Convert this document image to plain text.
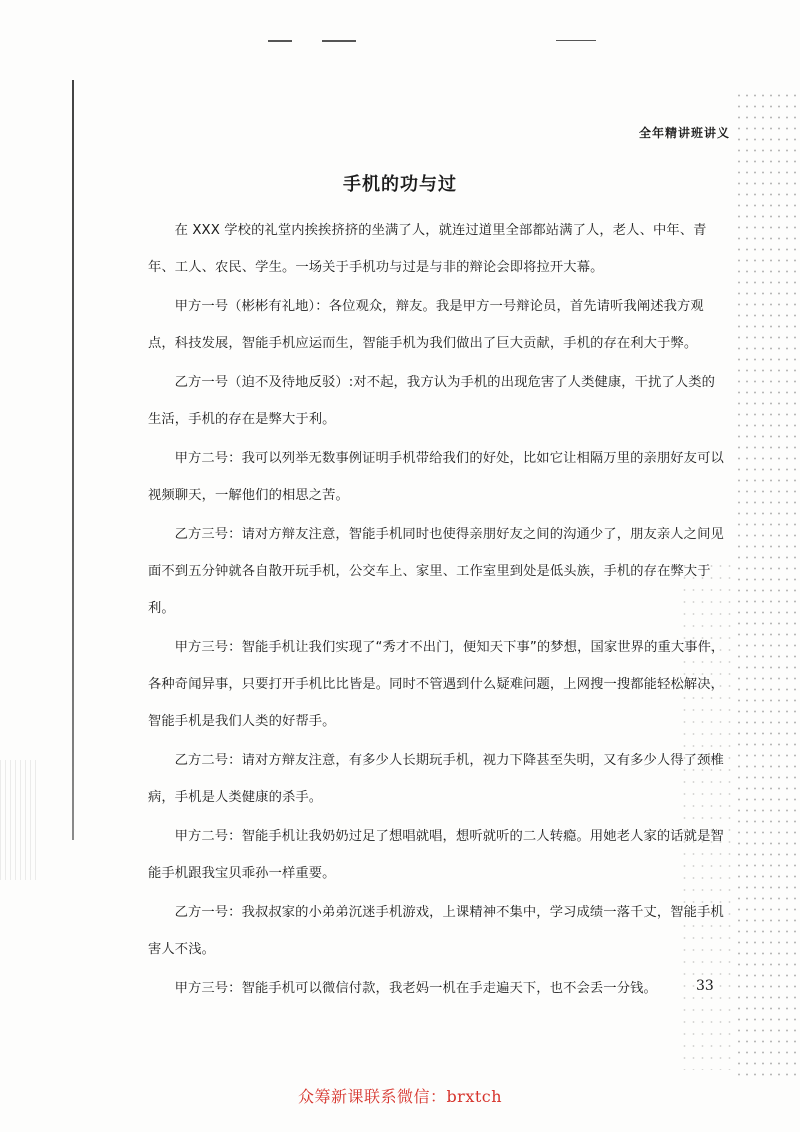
全年精讲班讲义
手机的功与过

在 XXX 学校的礼堂内挨挨挤挤的坐满了人，就连过道里全部都站满了人，老人、中年、青年、工人、农民、学生。一场关于手机功与过是与非的辩论会即将拉开大幕。

甲方一号（彬彬有礼地）：各位观众，辩友。我是甲方一号辩论员，首先请听我阐述我方观点，科技发展，智能手机应运而生，智能手机为我们做出了巨大贡献，手机的存在利大于弊。

乙方一号（迫不及待地反驳）:对不起，我方认为手机的出现危害了人类健康，干扰了人类的生活，手机的存在是弊大于利。

甲方二号：我可以列举无数事例证明手机带给我们的好处，比如它让相隔万里的亲朋好友可以视频聊天，一解他们的相思之苦。

乙方三号：请对方辩友注意，智能手机同时也使得亲朋好友之间的沟通少了，朋友亲人之间见面不到五分钟就各自散开玩手机，公交车上、家里、工作室里到处是低头族，手机的存在弊大于利。

甲方三号：智能手机让我们实现了“秀才不出门，便知天下事”的梦想，国家世界的重大事件，各种奇闻异事，只要打开手机比比皆是。同时不管遇到什么疑难问题，上网搜一搜都能轻松解决，智能手机是我们人类的好帮手。

乙方二号：请对方辩友注意，有多少人长期玩手机，视力下降甚至失明，又有多少人得了颈椎病，手机是人类健康的杀手。

甲方二号：智能手机让我奶奶过足了想唱就唱，想听就听的二人转瘾。用她老人家的话就是智能手机跟我宝贝乖孙一样重要。

乙方一号：我叔叔家的小弟弟沉迷手机游戏，上课精神不集中，学习成绩一落千丈，智能手机害人不浅。

甲方三号：智能手机可以微信付款，我老妈一机在手走遍天下，也不会丢一分钱。	33
众筹新课联系微信：brxtch
